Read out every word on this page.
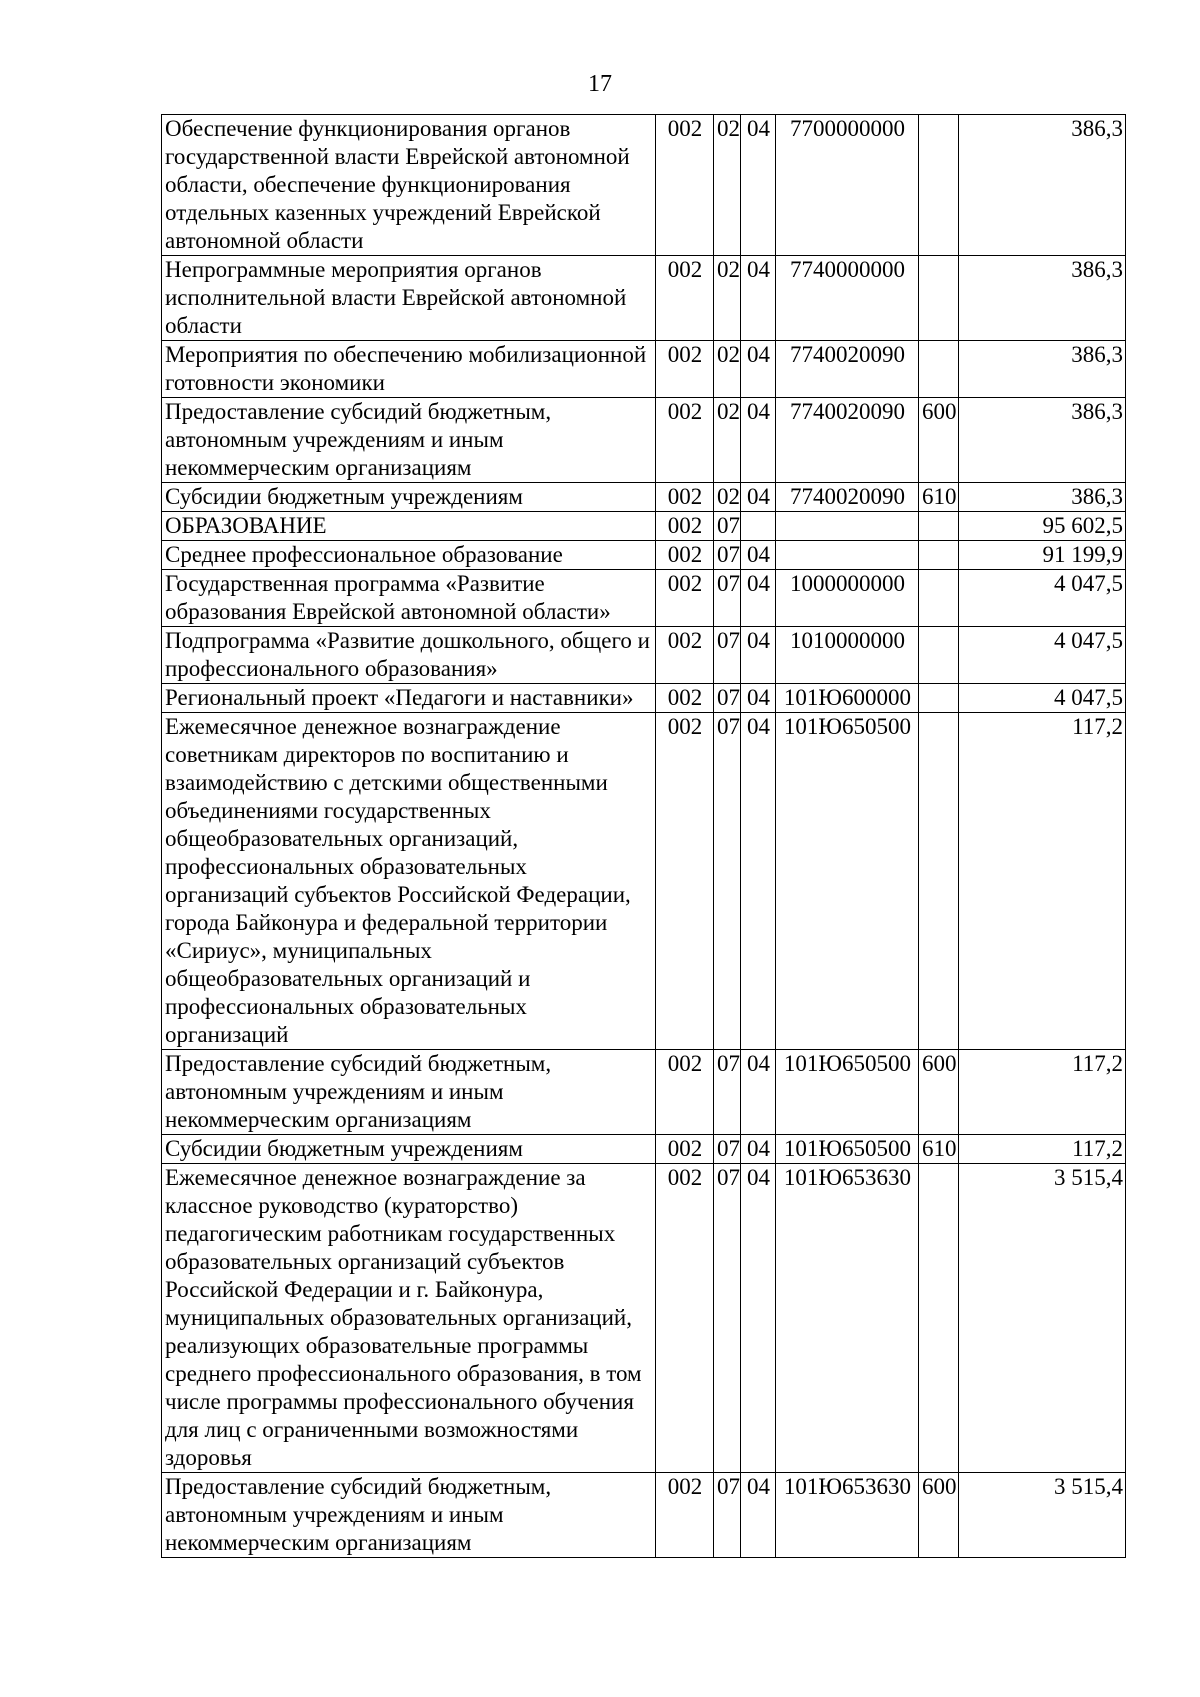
17
Обеспечение функционирования органов государственной власти Еврейской автономной области, обеспечение функционирования отдельных казенных учреждений Еврейской автономной области	002	02	04	7700000000		386,3
Непрограммные мероприятия органов исполнительной власти Еврейской автономной области	002	02	04	7740000000		386,3
Мероприятия по обеспечению мобилизационной готовности экономики	002	02	04	7740020090		386,3
Предоставление субсидий бюджетным, автономным учреждениям и иным некоммерческим организациям	002	02	04	7740020090	600	386,3
Субсидии бюджетным учреждениям	002	02	04	7740020090	610	386,3
ОБРАЗОВАНИЕ	002	07				95 602,5
Среднее профессиональное образование	002	07	04			91 199,9
Государственная программа «Развитие образования Еврейской автономной области»	002	07	04	1000000000		4 047,5
Подпрограмма «Развитие дошкольного, общего и профессионального образования»	002	07	04	1010000000		4 047,5
Региональный проект «Педагоги и наставники»	002	07	04	101Ю600000		4 047,5
Ежемесячное денежное вознаграждение советникам директоров по воспитанию и взаимодействию с детскими общественными объединениями государственных общеобразовательных организаций, профессиональных образовательных организаций субъектов Российской Федерации, города Байконура и федеральной территории «Сириус», муниципальных общеобразовательных организаций и профессиональных образовательных организаций	002	07	04	101Ю650500		117,2
Предоставление субсидий бюджетным, автономным учреждениям и иным некоммерческим организациям	002	07	04	101Ю650500	600	117,2
Субсидии бюджетным учреждениям	002	07	04	101Ю650500	610	117,2
Ежемесячное денежное вознаграждение за классное руководство (кураторство) педагогическим работникам государственных образовательных организаций субъектов Российской Федерации и г. Байконура, муниципальных образовательных организаций, реализующих образовательные программы среднего профессионального образования, в том числе программы профессионального обучения для лиц с ограниченными возможностями здоровья	002	07	04	101Ю653630		3 515,4
Предоставление субсидий бюджетным, автономным учреждениям и иным некоммерческим организациям	002	07	04	101Ю653630	600	3 515,4
